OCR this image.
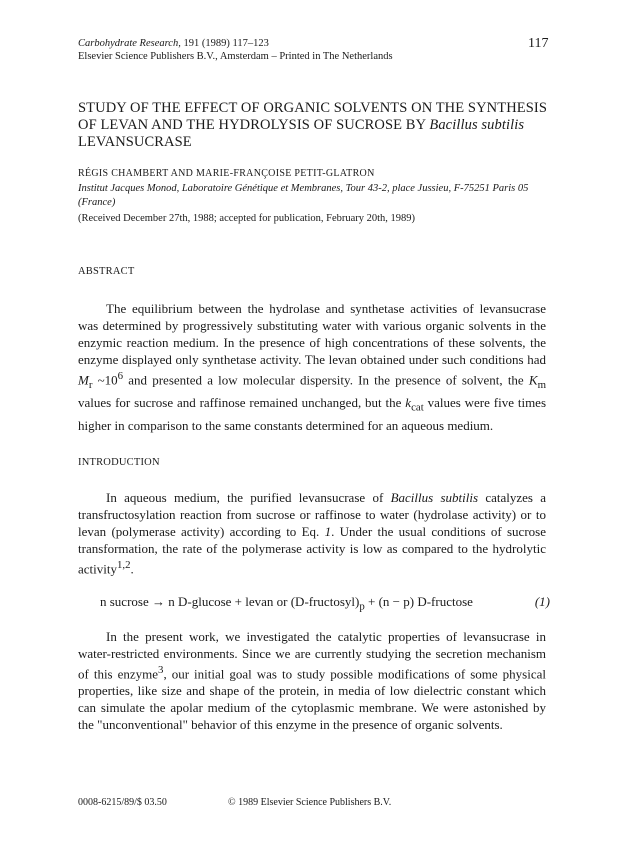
Carbohydrate Research, 191 (1989) 117–123
Elsevier Science Publishers B.V., Amsterdam – Printed in The Netherlands
117
STUDY OF THE EFFECT OF ORGANIC SOLVENTS ON THE SYNTHESIS
OF LEVAN AND THE HYDROLYSIS OF SUCROSE BY Bacillus subtilis
LEVANSUCRASE
RÉGIS CHAMBERT AND MARIE-FRANÇOISE PETIT-GLATRON
Institut Jacques Monod, Laboratoire Génétique et Membranes, Tour 43-2, place Jussieu, F-75251 Paris 05 (France)
(Received December 27th, 1988; accepted for publication, February 20th, 1989)
ABSTRACT

The equilibrium between the hydrolase and synthetase activities of levansucrase was determined by progressively substituting water with various organic solvents in the enzymic reaction medium. In the presence of high concentrations of these solvents, the enzyme displayed only synthetase activity. The levan obtained under such conditions had $M_r$ $\sim 10^6$ and presented a low molecular dispersity. In the presence of solvent, the $K_m$ values for sucrose and raffinose remained unchanged, but the $k_{cat}$ values were five times higher in comparison to the same constants determined for an aqueous medium.

INTRODUCTION

In aqueous medium, the purified levansucrase of Bacillus subtilis catalyzes a transfructosylation reaction from sucrose or raffinose to water (hydrolase activity) or to levan (polymerase activity) according to Eq. 1. Under the usual conditions of sucrose transformation, the rate of the polymerase activity is low as compared to the hydrolytic activity$^{1,2}$.

n sucrose → n D-glucose + levan or $(D-fructosyl)_p + (n - p)$ D-fructose	(1)

In the present work, we investigated the catalytic properties of levansucrase in water-restricted environments. Since we are currently studying the secretion mechanism of this enzyme$^3$, our initial goal was to study possible modifications of some physical properties, like size and shape of the protein, in media of low dielectric constant which can simulate the apolar medium of the cytoplasmic membrane. We were astonished by the "unconventional" behavior of this enzyme in the presence of organic solvents.

0008-6215/89/$ 03.50	© 1989 Elsevier Science Publishers B.V.
